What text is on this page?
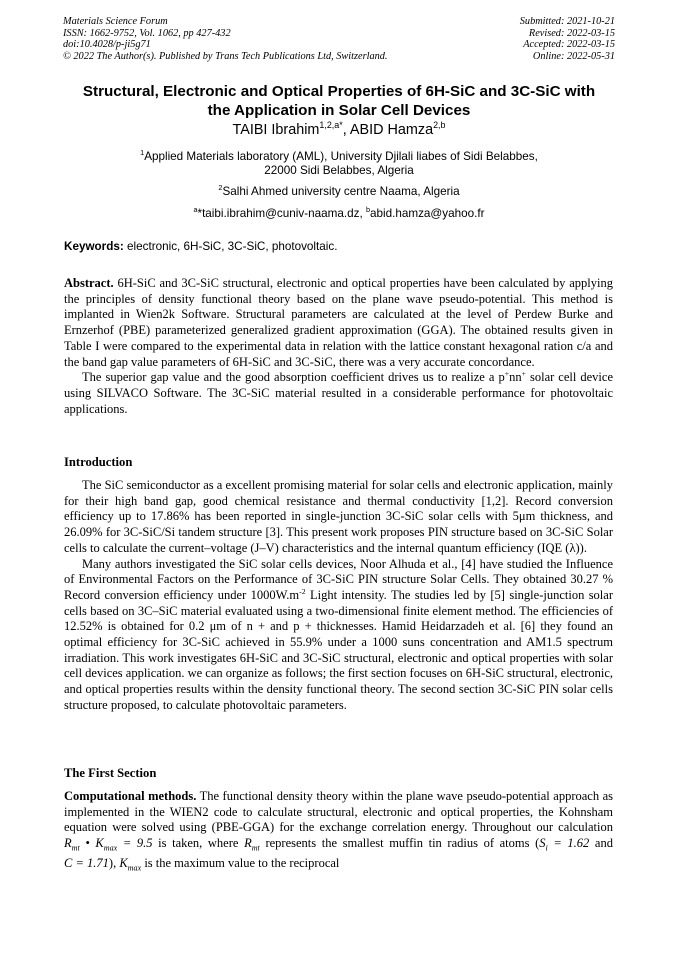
Materials Science Forum
ISSN: 1662-9752, Vol. 1062, pp 427-432
doi:10.4028/p-ji5g71
© 2022 The Author(s). Published by Trans Tech Publications Ltd, Switzerland.
Submitted: 2021-10-21
Revised: 2022-03-15
Accepted: 2022-03-15
Online: 2022-05-31
Structural, Electronic and Optical Properties of 6H-SiC and 3C-SiC with
the Application in Solar Cell Devices
TAIBI Ibrahim$^{1,2,a*}$, ABID Hamza$^{2,b}$
$^1$Applied Materials laboratory (AML), University Djilali liabes of Sidi Belabbes,
22000 Sidi Belabbes, Algeria
$^2$Salhi Ahmed university centre Naama, Algeria
$^a$*taibi.ibrahim@cuniv-naama.dz, $^b$abid.hamza@yahoo.fr
Keywords: electronic, 6H-SiC, 3C-SiC, photovoltaic.

Abstract. 6H-SiC and 3C-SiC structural, electronic and optical properties have been calculated by applying the principles of density functional theory based on the plane wave pseudo-potential. This method is implanted in Wien2k Software. Structural parameters are calculated at the level of Perdew Burke and Ernzerhof (PBE) parameterized generalized gradient approximation (GGA). The obtained results given in Table I were compared to the experimental data in relation with the lattice constant hexagonal ration c/a and the band gap value parameters of 6H-SiC and 3C-SiC, there was a very accurate concordance.

The superior gap value and the good absorption coefficient drives us to realize a p+nn+ solar cell device using SILVACO Software. The 3C-SiC material resulted in a considerable performance for photovoltaic applications.

Introduction

The SiC semiconductor as a excellent promising material for solar cells and electronic application, mainly for their high band gap, good chemical resistance and thermal conductivity [1,2]. Record conversion efficiency up to 17.86% has been reported in single-junction 3C-SiC solar cells with 5μm thickness, and 26.09% for 3C-SiC/Si tandem structure [3]. This present work proposes PIN structure based on 3C-SiC Solar cells to calculate the current–voltage (J–V) characteristics and the internal quantum efficiency (IQE (λ)).

Many authors investigated the SiC solar cells devices, Noor Alhuda et al., [4] have studied the Influence of Environmental Factors on the Performance of 3C-SiC PIN structure Solar Cells. They obtained 30.27 % Record conversion efficiency under $1000W.m^{-2}$ Light intensity. The studies led by [5] single-junction solar cells based on 3C–SiC material evaluated using a two-dimensional finite element method. The efficiencies of 12.52% is obtained for 0.2 μm of n + and p + thicknesses. Hamid Heidarzadeh et al. [6] they found an optimal efficiency for 3C-SiC achieved in 55.9% under a 1000 suns concentration and AM1.5 spectrum irradiation. This work investigates 6H-SiC and 3C-SiC structural, electronic and optical properties with solar cell devices application. we can organize as follows; the first section focuses on 6H-SiC structural, electronic, and optical properties results within the density functional theory. The second section 3C-SiC PIN solar cells structure proposed, to calculate photovoltaic parameters.

The First Section

Computational methods. The functional density theory within the plane wave pseudo-potential approach as implemented in the WIEN2 code to calculate structural, electronic and optical properties, the Kohnsham equation were solved using (PBE-GGA) for the exchange correlation energy. Throughout our calculation $R_{mt}$ • $K_{max} = 9.5$ is taken, where $R_{mt}$ represents the smallest muffin tin radius of atoms ($S_i = 1.62$ and C = 1.71), $K_{max}$ is the maximum value to the reciprocal
